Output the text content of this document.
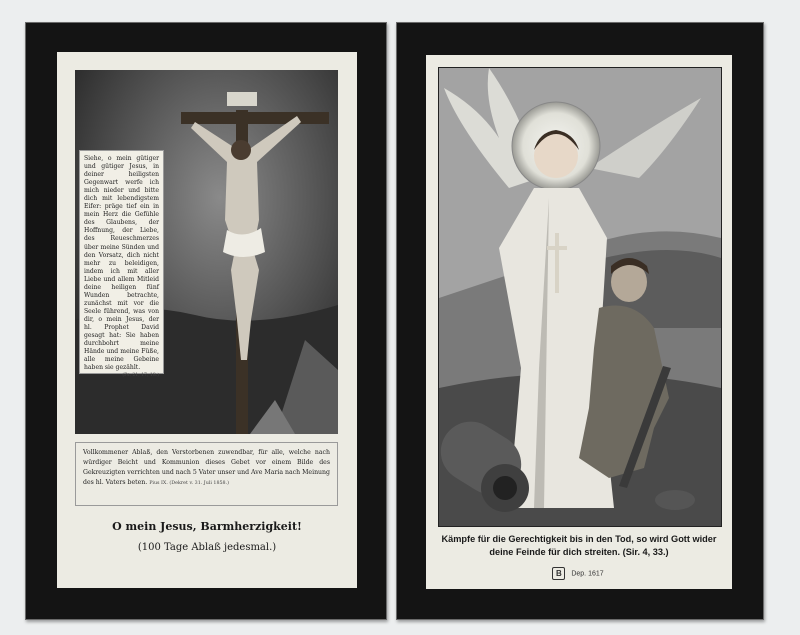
Siehe, o mein gütiger und gütiger Jesus, in deiner heiligsten Gegenwart werfe ich mich nieder und bitte dich mit lebendigstem Eifer: präge tief ein in mein Herz die Gefühle des Glaubens, der Hoffnung, der Liebe, des Reueschmerzes über meine Sünden und den Vorsatz, dich nicht mehr zu beleidigen, indem ich mit aller Liebe und allem Mitleid deine heiligen fünf Wunden betrachte, zunächst mit vor die Seele führend, was von dir, o mein Jesus, der hl. Prophet David gesagt hat: Sie haben durchbohrt meine Hände und meine Füße, alle meine Gebeine haben sie gezählt.
(Ps. 21, 17, 18.)
Vollkommener Ablaß, den Verstorbenen zuwendbar, für alle, welche nach würdiger Beicht und Kommunion dieses Gebet vor einem Bilde des Gekreuzigten verrichten und nach 5 Vater unser und Ave Maria nach Meinung des hl. Vaters beten. Pius IX. (Dekret v. 31. Juli 1858.)
O mein Jesus, Barmherzigkeit!
(100 Tage Ablaß jedesmal.)
Kämpfe für die Gerechtigkeit bis in den Tod, so wird Gott wider
deine Feinde für dich streiten. (Sir. 4, 33.)
B Dep. 1617
